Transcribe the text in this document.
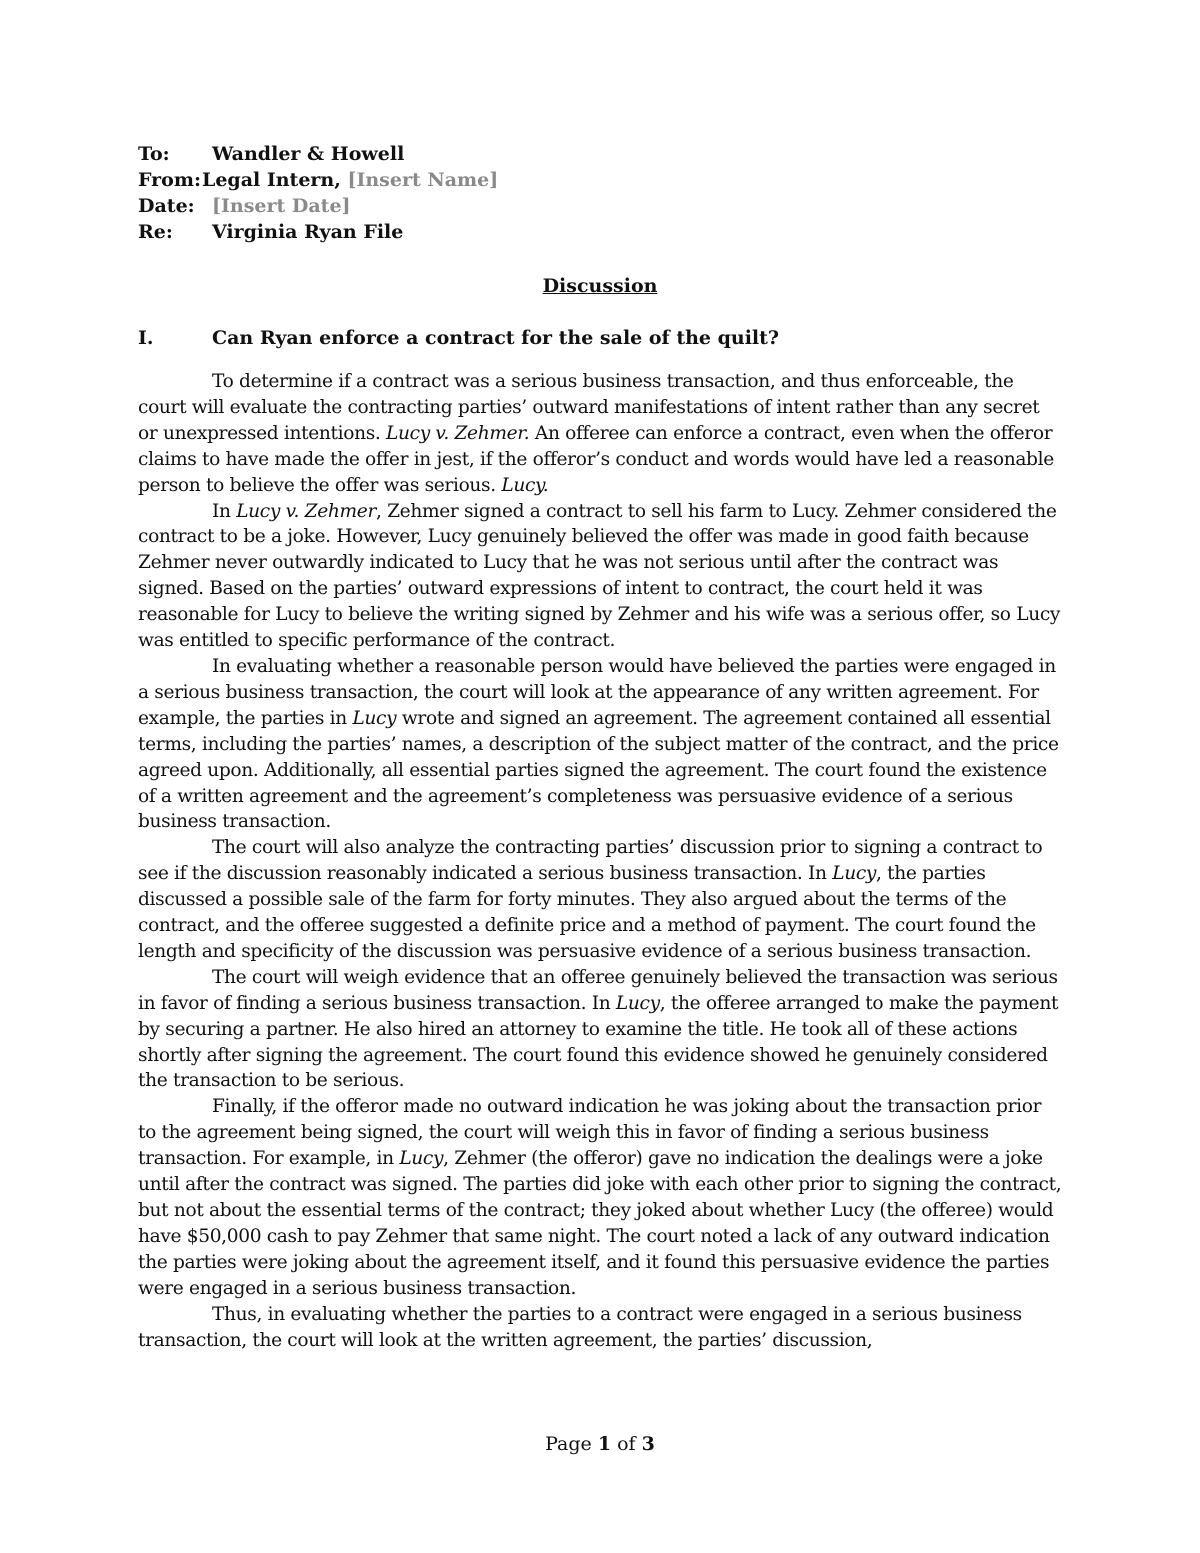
To:	Wandler & Howell
From: Legal Intern, [Insert Name]
Date: [Insert Date]
Re:	Virginia Ryan File
Discussion
I.	Can Ryan enforce a contract for the sale of the quilt?

To determine if a contract was a serious business transaction, and thus enforceable, the court will evaluate the contracting parties’ outward manifestations of intent rather than any secret or unexpressed intentions. Lucy v. Zehmer. An offeree can enforce a contract, even when the offeror claims to have made the offer in jest, if the offeror’s conduct and words would have led a reasonable person to believe the offer was serious. Lucy.

In Lucy v. Zehmer, Zehmer signed a contract to sell his farm to Lucy. Zehmer considered the contract to be a joke. However, Lucy genuinely believed the offer was made in good faith because Zehmer never outwardly indicated to Lucy that he was not serious until after the contract was signed. Based on the parties’ outward expressions of intent to contract, the court held it was reasonable for Lucy to believe the writing signed by Zehmer and his wife was a serious offer, so Lucy was entitled to specific performance of the contract.

In evaluating whether a reasonable person would have believed the parties were engaged in a serious business transaction, the court will look at the appearance of any written agreement. For example, the parties in Lucy wrote and signed an agreement. The agreement contained all essential terms, including the parties’ names, a description of the subject matter of the contract, and the price agreed upon. Additionally, all essential parties signed the agreement. The court found the existence of a written agreement and the agreement’s completeness was persuasive evidence of a serious business transaction.

The court will also analyze the contracting parties’ discussion prior to signing a contract to see if the discussion reasonably indicated a serious business transaction. In Lucy, the parties discussed a possible sale of the farm for forty minutes. They also argued about the terms of the contract, and the offeree suggested a definite price and a method of payment. The court found the length and specificity of the discussion was persuasive evidence of a serious business transaction.

The court will weigh evidence that an offeree genuinely believed the transaction was serious in favor of finding a serious business transaction. In Lucy, the offeree arranged to make the payment by securing a partner. He also hired an attorney to examine the title. He took all of these actions shortly after signing the agreement. The court found this evidence showed he genuinely considered the transaction to be serious.

Finally, if the offeror made no outward indication he was joking about the transaction prior to the agreement being signed, the court will weigh this in favor of finding a serious business transaction. For example, in Lucy, Zehmer (the offeror) gave no indication the dealings were a joke until after the contract was signed. The parties did joke with each other prior to signing the contract, but not about the essential terms of the contract; they joked about whether Lucy (the offeree) would have $50,000 cash to pay Zehmer that same night. The court noted a lack of any outward indication the parties were joking about the agreement itself, and it found this persuasive evidence the parties were engaged in a serious business transaction.

Thus, in evaluating whether the parties to a contract were engaged in a serious business transaction, the court will look at the written agreement, the parties’ discussion,

Page 1 of 3
